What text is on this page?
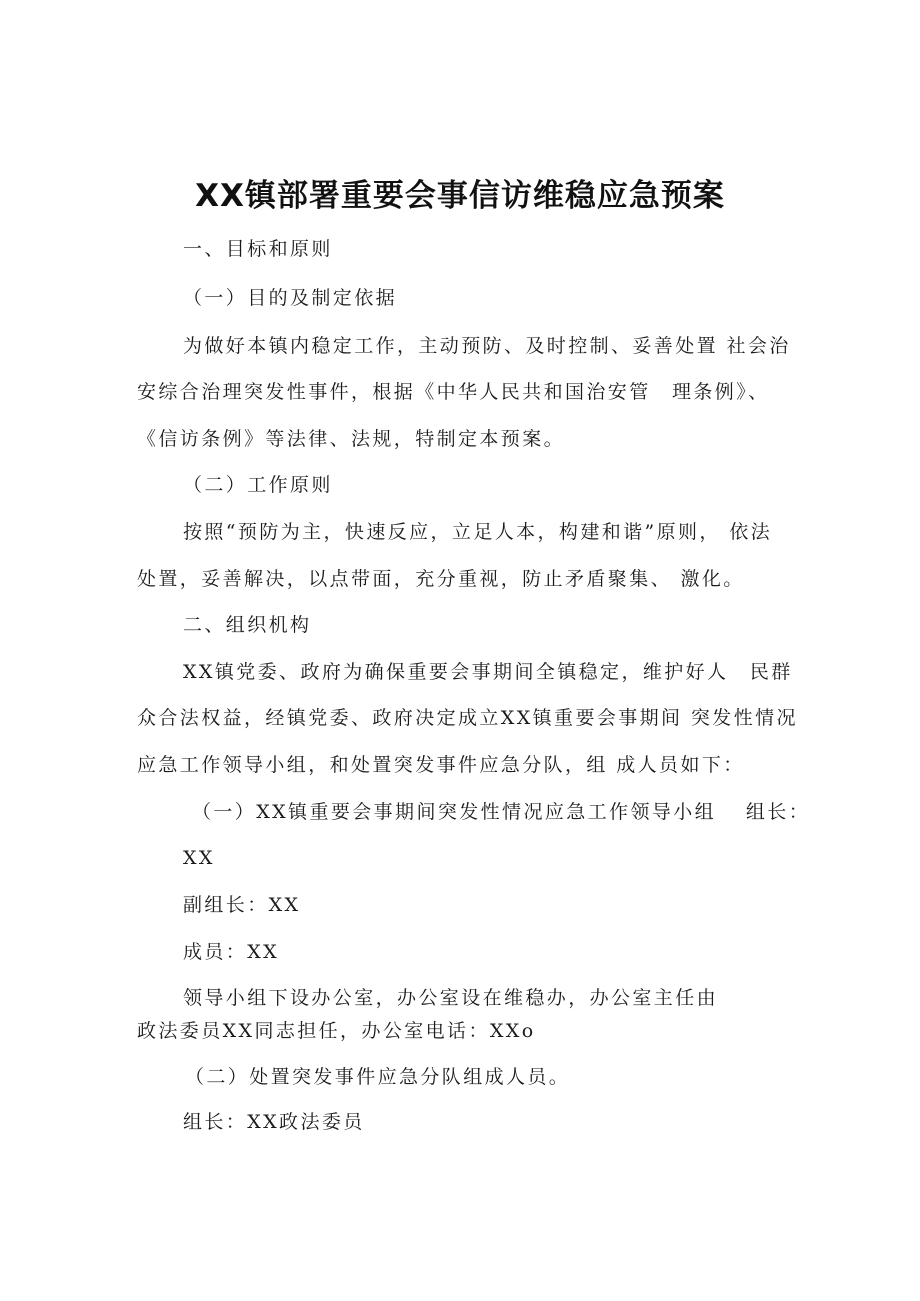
XX镇部署重要会事信访维稳应急预案
一、目标和原则
（一）目的及制定依据
为做好本镇内稳定工作，主动预防、及时控制、妥善处置 社会治
安综合治理突发性事件，根据《中华人民共和国治安管　理条例》、
《信访条例》等法律、法规，特制定本预案。
（二）工作原则
按照“预防为主，快速反应，立足人本，构建和谐”原则， 依法
处置，妥善解决，以点带面，充分重视，防止矛盾聚集、 激化。
二、组织机构
XX镇党委、政府为确保重要会事期间全镇稳定，维护好人　民群
众合法权益，经镇党委、政府决定成立XX镇重要会事期间 突发性情况
应急工作领导小组，和处置突发事件应急分队，组 成人员如下：
（一）XX镇重要会事期间突发性情况应急工作领导小组　 组长：
XX
副组长：XX
成员：XX
领导小组下设办公室，办公室设在维稳办，办公室主任由
政法委员XX同志担任，办公室电话：XXo
（二）处置突发事件应急分队组成人员。
组长：XX政法委员
